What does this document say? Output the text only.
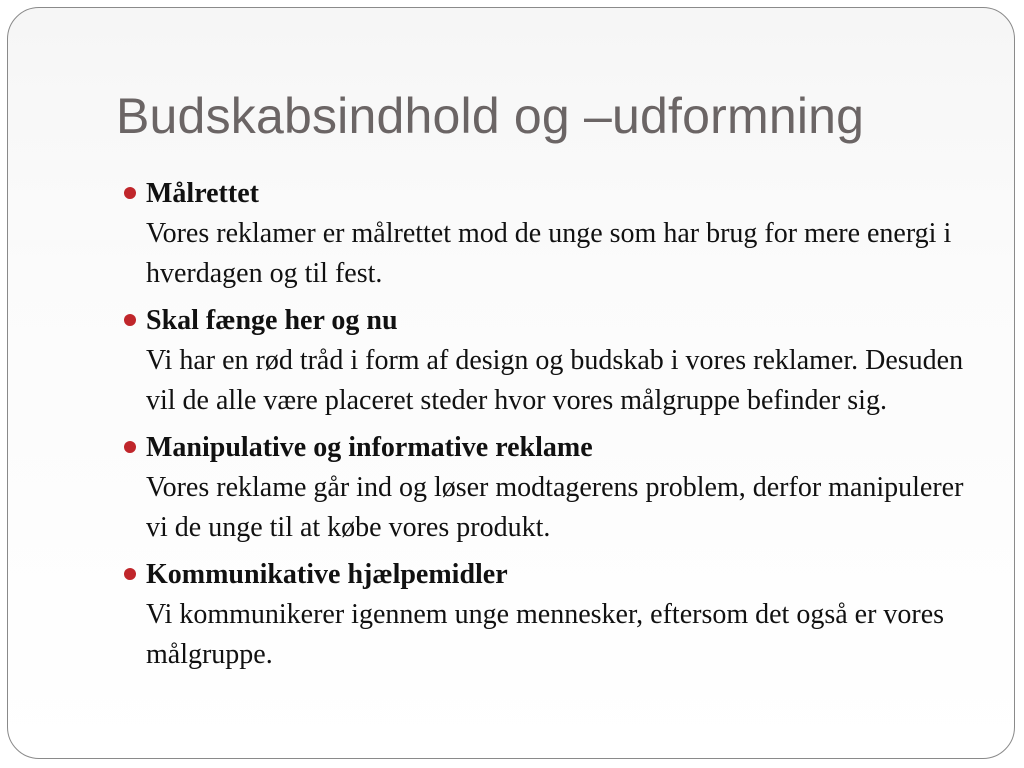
Budskabsindhold og –udformning
Målrettet
Vores reklamer er målrettet mod de unge som har brug for mere energi i hverdagen og til fest.
Skal fænge her og nu
Vi har en rød tråd i form af design og budskab i vores reklamer. Desuden vil de alle være placeret steder hvor vores målgruppe befinder sig.
Manipulative og informative reklame
Vores reklame går ind og løser modtagerens problem, derfor manipulerer vi de unge til at købe vores produkt.
Kommunikative hjælpemidler
Vi kommunikerer igennem unge mennesker, eftersom det også er vores målgruppe.
